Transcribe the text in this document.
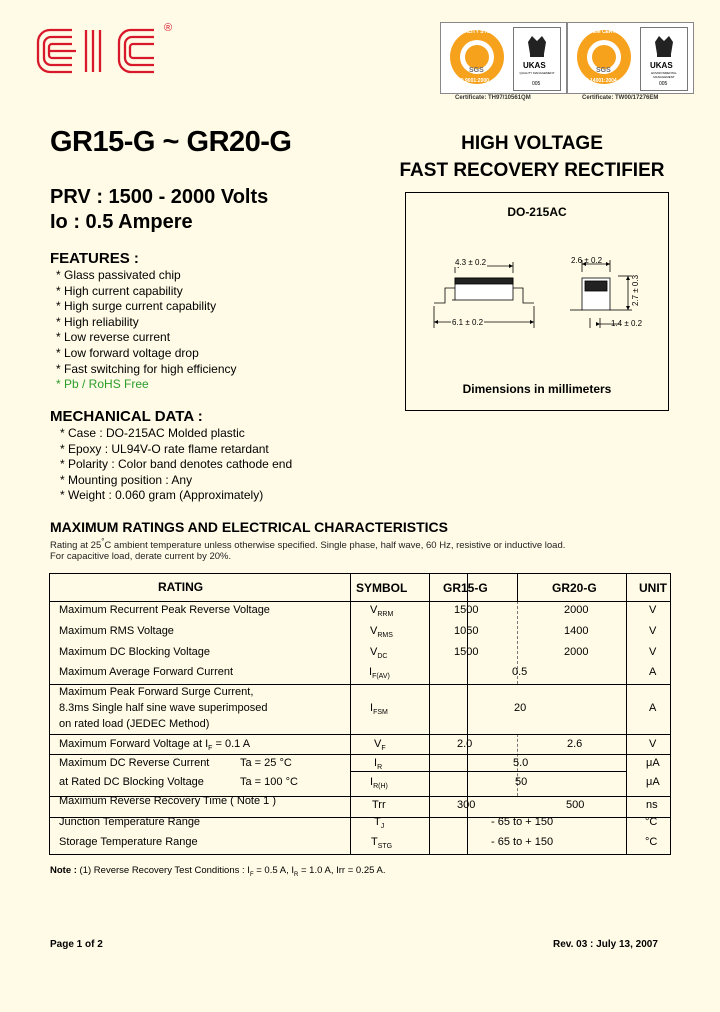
®	QUALITY SYSTEM
ISO 9001:2000
SGS
UKAS
QUALITY MANAGEMENT
005
Certificate: TH97/10561QM
SYSTEM CERTIFICATION
ISO 14001:2004
SGS
UKAS
ENVIRONMENTAL MANAGEMENT
005
Certificate: TW00/17276EM
GR15-G ~ GR20-G	HIGH VOLTAGE
FAST RECOVERY RECTIFIER
PRV : 1500 - 2000 Volts
Io : 0.5 Ampere
FEATURES :
* Glass passivated chip
* High current capability
* High surge current capability
* High reliability
* Low reverse current
* Low forward voltage drop
* Fast switching for high efficiency
* Pb / RoHS Free
MECHANICAL DATA :
* Case : DO-215AC Molded plastic
* Epoxy : UL94V-O rate flame retardant
* Polarity : Color band denotes cathode end
* Mounting position : Any
* Weight : 0.060 gram (Approximately)
DO-215AC
4.3 ± 0.2
6.1 ± 0.2
2.6 ± 0.2
2.7 ± 0.3
1.4 ± 0.2
Dimensions in millimeters
MAXIMUM RATINGS AND ELECTRICAL CHARACTERISTICS
Rating at 25°C ambient temperature unless otherwise specified. Single phase, half wave, 60 Hz, resistive or inductive load.
For capacitive load, derate current by 20%.
RATING	SYMBOL	GR15-G	GR20-G	UNIT
Maximum Recurrent Peak Reverse Voltage	$V_{RRM}$	1500	2000	V
Maximum RMS Voltage	$V_{RMS}$	1050	1400	V
Maximum DC Blocking Voltage	$V_{DC}$	1500	2000	V
Maximum Average Forward Current	$I_{F(AV)}$	0.5	A
Maximum Peak Forward Surge Current,
8.3ms Single half sine wave superimposed
on rated load (JEDEC Method)
$I_{FSM}$	20	A
Maximum Forward Voltage at $I_F = 0.1$ A	$V_F$	2.0	2.6	V
Maximum DC Reverse Current	Ta = 25 °C	$I_R$	5.0	μA
at Rated DC Blocking Voltage	Ta = 100 °C	$I_{R(H)}$	50	μA
Maximum Reverse Recovery Time ( Note 1 )	Trr	300	500	ns
Junction Temperature Range	$T_J$	- 65 to + 150	°C
Storage Temperature Range	$T_{STG}$	- 65 to + 150	°C
Note : (1) Reverse Recovery Test Conditions : $I_F = 0.5$ A, $I_R = 1.0$ A, Irr = 0.25 A.
Page 1 of 2	Rev. 03 : July 13, 2007
